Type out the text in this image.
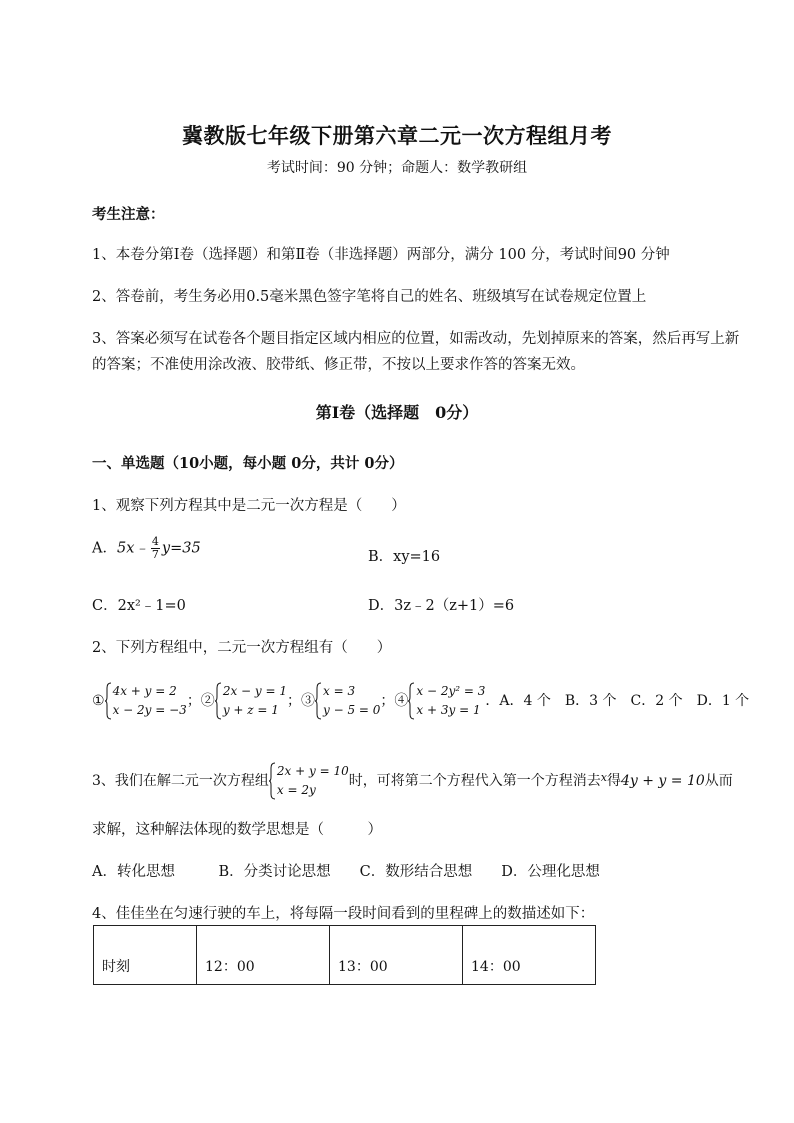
冀教版七年级下册第六章二元一次方程组月考
考试时间：90 分钟；命题人：数学教研组
考生注意：
1、本卷分第Ⅰ卷（选择题）和第Ⅱ卷（非选择题）两部分，满分 100 分，考试时间90 分钟
2、答卷前，考生务必用0.5毫米黑色签字笔将自己的姓名、班级填写在试卷规定位置上
3、答案必须写在试卷各个题目指定区域内相应的位置，如需改动，先划掉原来的答案，然后再写上新
的答案；不准使用涂改液、胶带纸、修正带，不按以上要求作答的答案无效。
第Ⅰ卷（选择题　0分）
一、单选题（10小题，每小题 0分，共计 0分）
1、观察下列方程其中是二元一次方程是（　　）
A．5x﹣ $\frac{4}{7} y=35$
B．xy=16
C．2x²﹣1=0	D．3z﹣2（z+1）=6
2、下列方程组中，二元一次方程组有（　　）
①
4x + y = 2
x − 2y = −3
；②
2x − y = 1
y + z = 1
；③
x = 3
y − 5 = 0
；④
x − 2y² = 3
x + 3y = 1
．A．4 个　B．3 个　C．2 个　D．1 个
3、我们在解二元一次方程组
2x + y = 10
x = 2y
时，可将第二个方程代入第一个方程消去$^x$得4y + y = 10从而
求解，这种解法体现的数学思想是（　　　）
A．转化思想　　　B．分类讨论思想　　C．数形结合思想　　D．公理化思想
4、佳佳坐在匀速行驶的车上，将每隔一段时间看到的里程碑上的数描述如下：
时刻	12：00	13：00	14：00
